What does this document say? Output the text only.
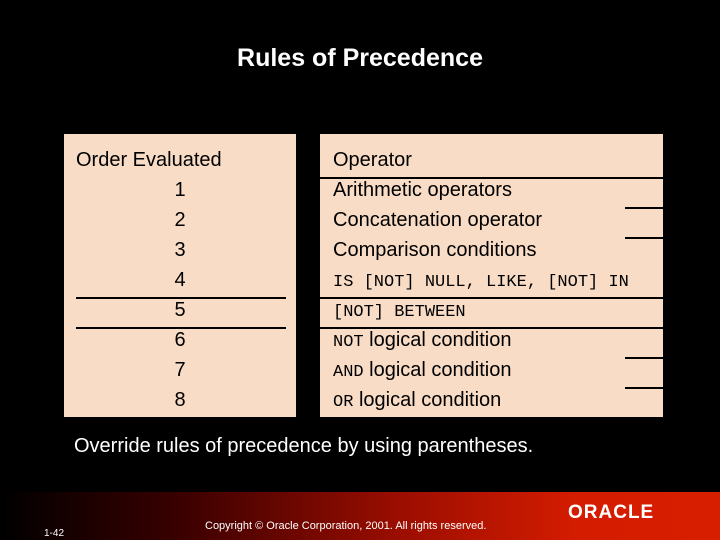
Rules of Precedence
Order Evaluated
1
2
3
4
5
6
7
8
Operator
Arithmetic operators
Concatenation operator
Comparison conditions
IS [NOT] NULL, LIKE, [NOT] IN
[NOT] BETWEEN
NOT logical condition
AND logical condition
OR logical condition
Override rules of precedence by using parentheses.
1-42
Copyright © Oracle Corporation, 2001. All rights reserved.
ORACLE
